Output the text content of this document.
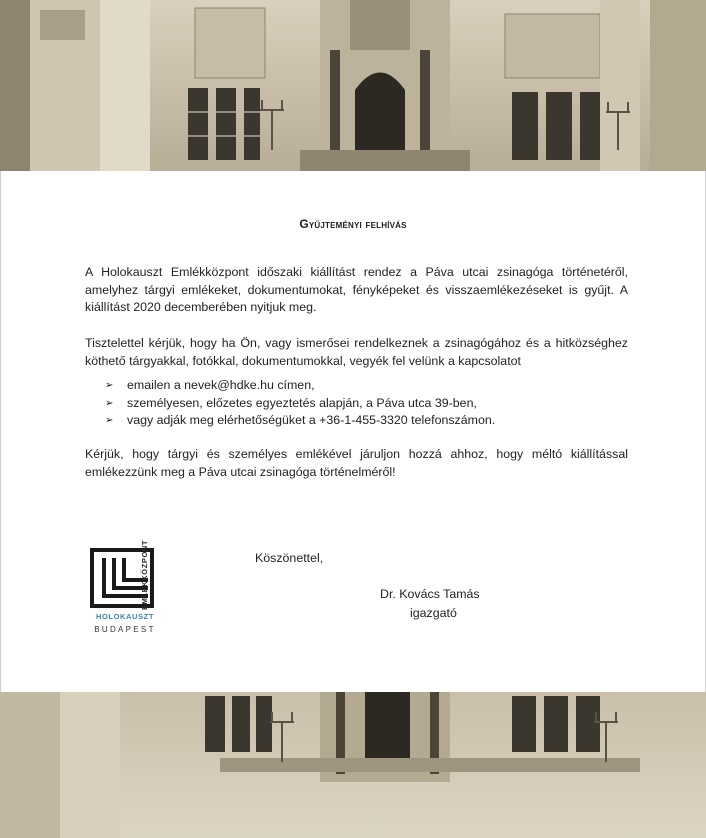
Gyűjteményi felhívás

A Holokauszt Emlékközpont időszaki kiállítást rendez a Páva utcai zsinagóga történetéről, amelyhez tárgyi emlékeket, dokumentumokat, fényképeket és visszaemlékezéseket is gyűjt. A kiállítást 2020 decemberében nyitjuk meg.

Tisztelettel kérjük, hogy ha Ön, vagy ismerősei rendelkeznek a zsinagógához és a hitközséghez köthető tárgyakkal, fotókkal, dokumentumokkal, vegyék fel velünk a kapcsolatot

➢	emailen a nevek@hdke.hu címen,
➢	személyesen, előzetes egyeztetés alapján, a Páva utca 39-ben,
➢	vagy adják meg elérhetőségüket a +36-1-455-3320 telefonszámon.

Kérjük, hogy tárgyi és személyes emlékével járuljon hozzá ahhoz, hogy méltó kiállítással emlékezzünk meg a Páva utcai zsinagóga történelméről!

EMLÉKKÖZPONT
HOLOKAUSZT
BUDAPEST
Köszönettel,
Dr. Kovács Tamás
igazgató
